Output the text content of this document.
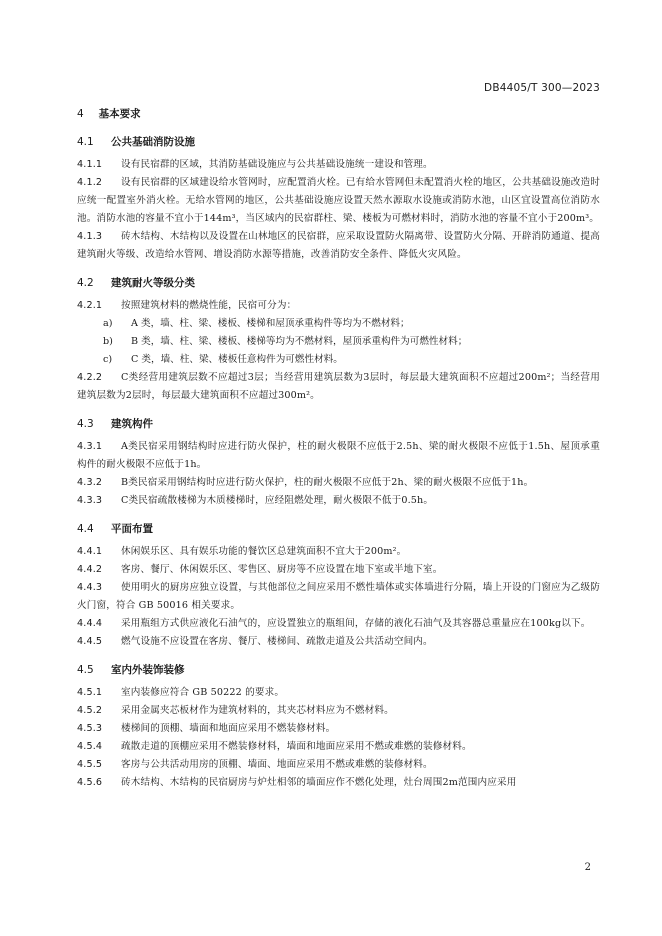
DB4405/T 300—2023
4 基本要求
4.1 公共基础消防设施

4.1.1 设有民宿群的区域，其消防基础设施应与公共基础设施统一建设和管理。

4.1.2 设有民宿群的区域建设给水管网时，应配置消火栓。已有给水管网但未配置消火栓的地区，公共基础设施改造时应统一配置室外消火栓。无给水管网的地区，公共基础设施应设置天然水源取水设施或消防水池，山区宜设置高位消防水池。消防水池的容量不宜小于144m³，当区域内的民宿群柱、梁、楼板为可燃材料时，消防水池的容量不宜小于200m³。

4.1.3 砖木结构、木结构以及设置在山林地区的民宿群，应采取设置防火隔离带、设置防火分隔、开辟消防通道、提高建筑耐火等级、改造给水管网、增设消防水源等措施，改善消防安全条件、降低火灾风险。

4.2 建筑耐火等级分类

4.2.1 按照建筑材料的燃烧性能，民宿可分为：

a) A 类，墙、柱、梁、楼板、楼梯和屋顶承重构件等均为不燃材料；

b) B 类，墙、柱、梁、楼板、楼梯等均为不燃材料，屋顶承重构件为可燃性材料；

c) C 类，墙、柱、梁、楼板任意构件为可燃性材料。

4.2.2 C类经营用建筑层数不应超过3层；当经营用建筑层数为3层时，每层最大建筑面积不应超过200m²；当经营用建筑层数为2层时，每层最大建筑面积不应超过300m²。

4.3 建筑构件

4.3.1 A类民宿采用钢结构时应进行防火保护，柱的耐火极限不应低于2.5h、梁的耐火极限不应低于1.5h、屋顶承重构件的耐火极限不应低于1h。

4.3.2 B类民宿采用钢结构时应进行防火保护，柱的耐火极限不应低于2h、梁的耐火极限不应低于1h。

4.3.3 C类民宿疏散楼梯为木质楼梯时，应经阻燃处理，耐火极限不低于0.5h。

4.4 平面布置

4.4.1 休闲娱乐区、具有娱乐功能的餐饮区总建筑面积不宜大于200m²。

4.4.2 客房、餐厅、休闲娱乐区、零售区、厨房等不应设置在地下室或半地下室。

4.4.3 使用明火的厨房应独立设置，与其他部位之间应采用不燃性墙体或实体墙进行分隔，墙上开设的门窗应为乙级防火门窗，符合 GB 50016 相关要求。

4.4.4 采用瓶组方式供应液化石油气的，应设置独立的瓶组间，存储的液化石油气及其容器总重量应在100kg以下。

4.4.5 燃气设施不应设置在客房、餐厅、楼梯间、疏散走道及公共活动空间内。

4.5 室内外装饰装修

4.5.1 室内装修应符合 GB 50222 的要求。

4.5.2 采用金属夹芯板材作为建筑材料的，其夹芯材料应为不燃材料。

4.5.3 楼梯间的顶棚、墙面和地面应采用不燃装修材料。

4.5.4 疏散走道的顶棚应采用不燃装修材料，墙面和地面应采用不燃或难燃的装修材料。

4.5.5 客房与公共活动用房的顶棚、墙面、地面应采用不燃或难燃的装修材料。

4.5.6 砖木结构、木结构的民宿厨房与炉灶相邻的墙面应作不燃化处理，灶台周围2m范围内应采用

2
